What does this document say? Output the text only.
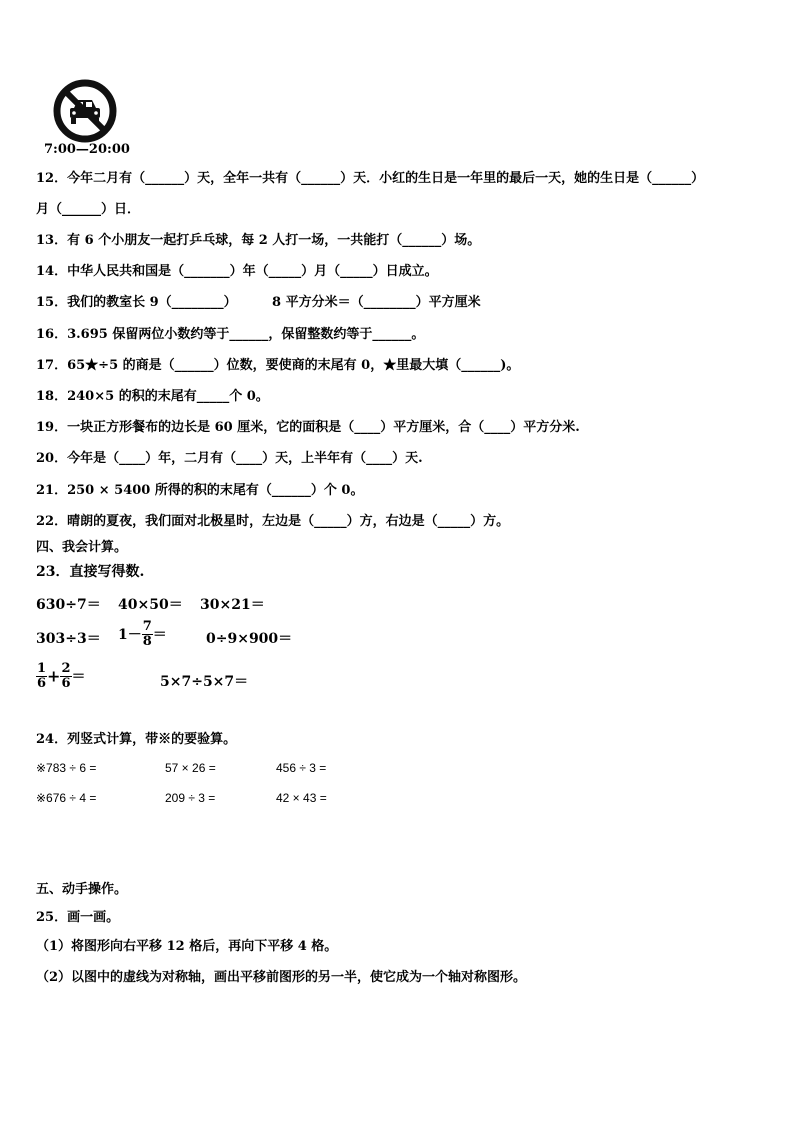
7:00—20:00
12．今年二月有（______）天，全年一共有（______）天．小红的生日是一年里的最后一天，她的生日是（______）
月（______）日．
13．有 6 个小朋友一起打乒乓球，每 2 人打一场，一共能打（______）场。
14．中华人民共和国是（_______）年（_____）月（_____）日成立。
15．我们的教室长 9（________）	8 平方分米＝（________）平方厘米
16．3.695 保留两位小数约等于______，保留整数约等于______。
17．65★÷5 的商是（______）位数，要使商的末尾有 0，★里最大填（______)。
18．240×5 的积的末尾有_____个 0。
19．一块正方形餐布的边长是 60 厘米，它的面积是（____）平方厘米，合（____）平方分米.
20．今年是（____）年，二月有（____）天，上半年有（____）天.
21．250 × 5400 所得的积的末尾有（______）个 0。
22．晴朗的夏夜，我们面对北极星时，左边是（_____）方，右边是（_____）方。
四、我会计算。
23．直接写得数.
630÷7＝ 40×50＝ 30×21＝
$303\div 3= 1- \frac{7}{8}$ ＝	0÷9×900＝
$\frac{1}{6} + \frac{2}{6}$ ＝	5×7÷5×7＝
24．列竖式计算，带※的要验算。
※783 ÷ 6 =	57 × 26 =	456 ÷ 3 =
※676 ÷ 4 =	209 ÷ 3 =	42 × 43 =
五、动手操作。
25．画一画。
（1）将图形向右平移 12 格后，再向下平移 4 格。
（2）以图中的虚线为对称轴，画出平移前图形的另一半，使它成为一个轴对称图形。
